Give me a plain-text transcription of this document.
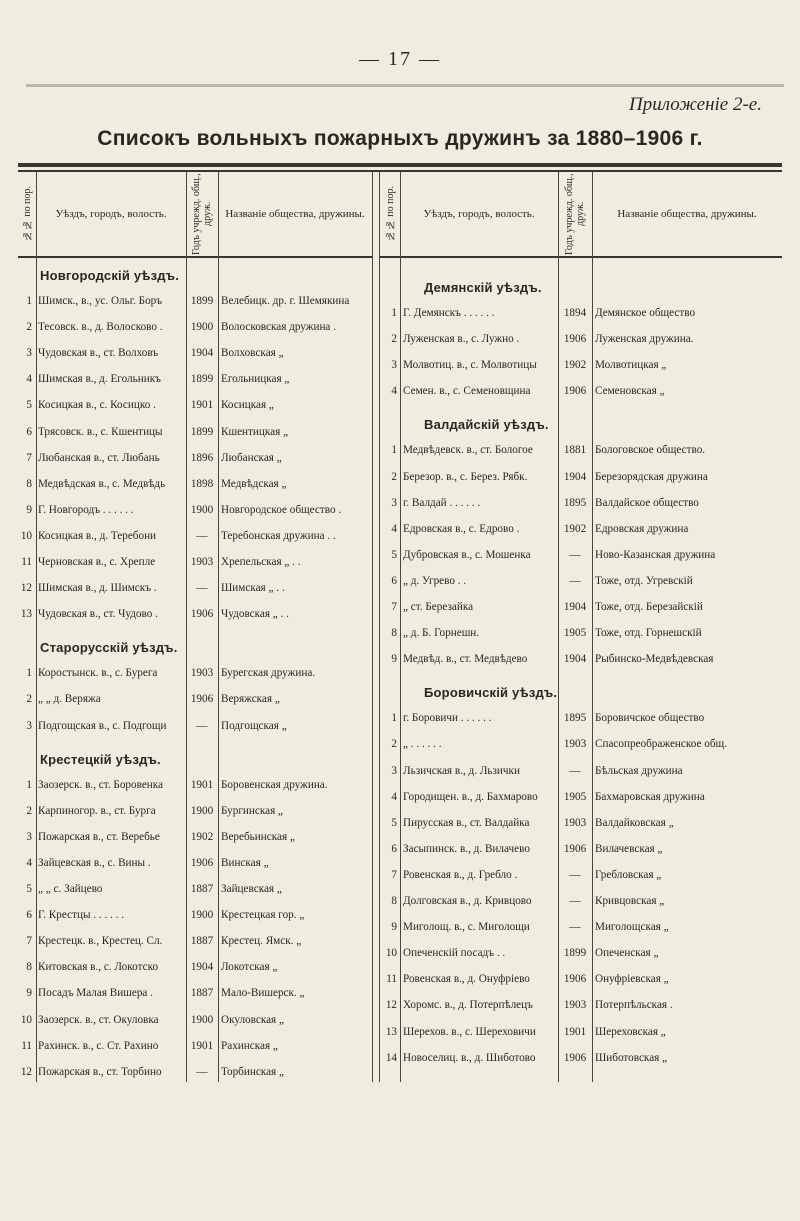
— 17 —
Приложеніе 2-е.
Списокъ вольныхъ пожарныхъ дружинъ за 1880–1906 г.
№№ по пор.	Уѣздъ, городъ, волость.	Годъ учрежд. общ., друж.	Названіе общества, дружины.
Новгородскій уѣздъ.
1 Шимск., в., ус. Ольг. Боръ	1899 Велебицк. др. г. Шемякина
2 Тесовск. в., д. Волосково .	1900 Волосковская дружина .
3 Чудовская в., ст. Волховъ	1904 Волховская „
4 Шимская в., д. Егольникъ	1899 Егольницкая „
5 Косицкая в., с. Косицко .	1901 Косицкая „
6 Трясовск. в., с. Кшентицы	1899 Кшентицкая „
7 Любанская в., ст. Любань	1896 Любанская „
8 Медвѣдская в., с. Медвѣдь	1898 Медвѣдская „
9 Г. Новгородъ . . . . . .	1900 Новгородское общество .
10 Косицкая в., д. Теребони	—	Теребонская дружина . .
11 Черновская в., с. Хрепле	1903 Хрепельская „ . .
12 Шимская в., д. Шимскъ .	—	Шимская „ . .
13 Чудовская в., ст. Чудово .	1906 Чудовская „ . .
Старорусскій уѣздъ.
1 Коростынск. в., с. Бурега	1903 Бурегская дружина.
2 „ „ д. Веряжа	1906 Веряжская „
3 Подгощская в., с. Подгощи	—	Подгощская „
Крестецкій уѣздъ.
1 Заозерск. в., ст. Боровенка	1901 Боровенская дружина.
2 Карпиногор. в., ст. Бурга	1900 Бургинская „
3 Пожарская в., ст. Веребье	1902 Веребьинская „
4 Зайцевская в., с. Вины .	1906 Винская „
5 „ „ с. Зайцево	1887 Зайцевская „
6 Г. Крестцы . . . . . .	1900 Крестецкая гор. „
7 Крестецк. в., Крестец. Сл.	1887 Крестец. Ямск. „
8 Китовская в., с. Локотско	1904 Локотская „
9 Посадъ Малая Вишера .	1887 Мало-Вишерск. „
10 Заозерск. в., ст. Окуловка	1900 Окуловская „
11 Рахинск. в., с. Ст. Рахино	1901 Рахинская „
12 Пожарская в., ст. Торбино	—	Торбинская „
№№ по пор.	Уѣздъ, городъ, волость.	Годъ учрежд. общ., друж.	Названіе общества, дружины.
Демянскій уѣздъ.
1 Г. Демянскъ . . . . . .	1894 Демянское общество
2 Луженская в., с. Лужно .	1906 Луженская дружина.
3 Молвотиц. в., с. Молвотицы	1902 Молвотицкая „
4 Семен. в., с. Семеновщина	1906 Семеновская „
Валдайскій уѣздъ.
1 Медвѣдевск. в., ст. Бологое	1881 Бологовское общество.
2 Березор. в., с. Берез. Рябк.	1904 Березорядская дружина
3 г. Валдай . . . . . .	1895 Валдайское общество
4 Едровская в., с. Едрово .	1902 Едровская дружина
5 Дубровская в., с. Мошенка	—	Ново-Казанская дружина
6 „ д. Угрево . .	—	Тоже, отд. Угревскій
7 „ ст. Березайка	1904 Тоже, отд. Березайскій
8 „ д. Б. Горнешн.	1905 Тоже, отд. Горнешскій
9 Медвѣд. в., ст. Медвѣдево	1904 Рыбинско-Медвѣдевская
Боровичскій уѣздъ.
1 г. Боровичи . . . . . .	1895 Боровичское общество
2 „ . . . . . .	1903 Спасопреображенское общ.
3 Льзичская в., д. Льзички	—	Бѣльская дружина
4 Городищен. в., д. Бахмарово	1905 Бахмаровская дружина
5 Пирусская в., ст. Валдайка	1903 Валдайковская „
6 Засыпинск. в., д. Вилачево	1906 Вилачевская „
7 Ровенская в., д. Гребло .	—	Гребловская „
8 Долговская в., д. Кривцово	—	Кривцовская „
9 Миголощ. в., с. Миголощи	—	Миголощская „
10 Опеченскій посадъ . .	1899 Опеченская „
11 Ровенская в., д. Онуфріево	1906 Онуфріевская „
12 Хоромс. в., д. Потерпѣлецъ	1903 Потерпѣльская .
13 Шерехов. в., с. Шереховичи	1901 Шереховская „
14 Новоселиц. в., д. Шиботово	1906 Шиботовская „
